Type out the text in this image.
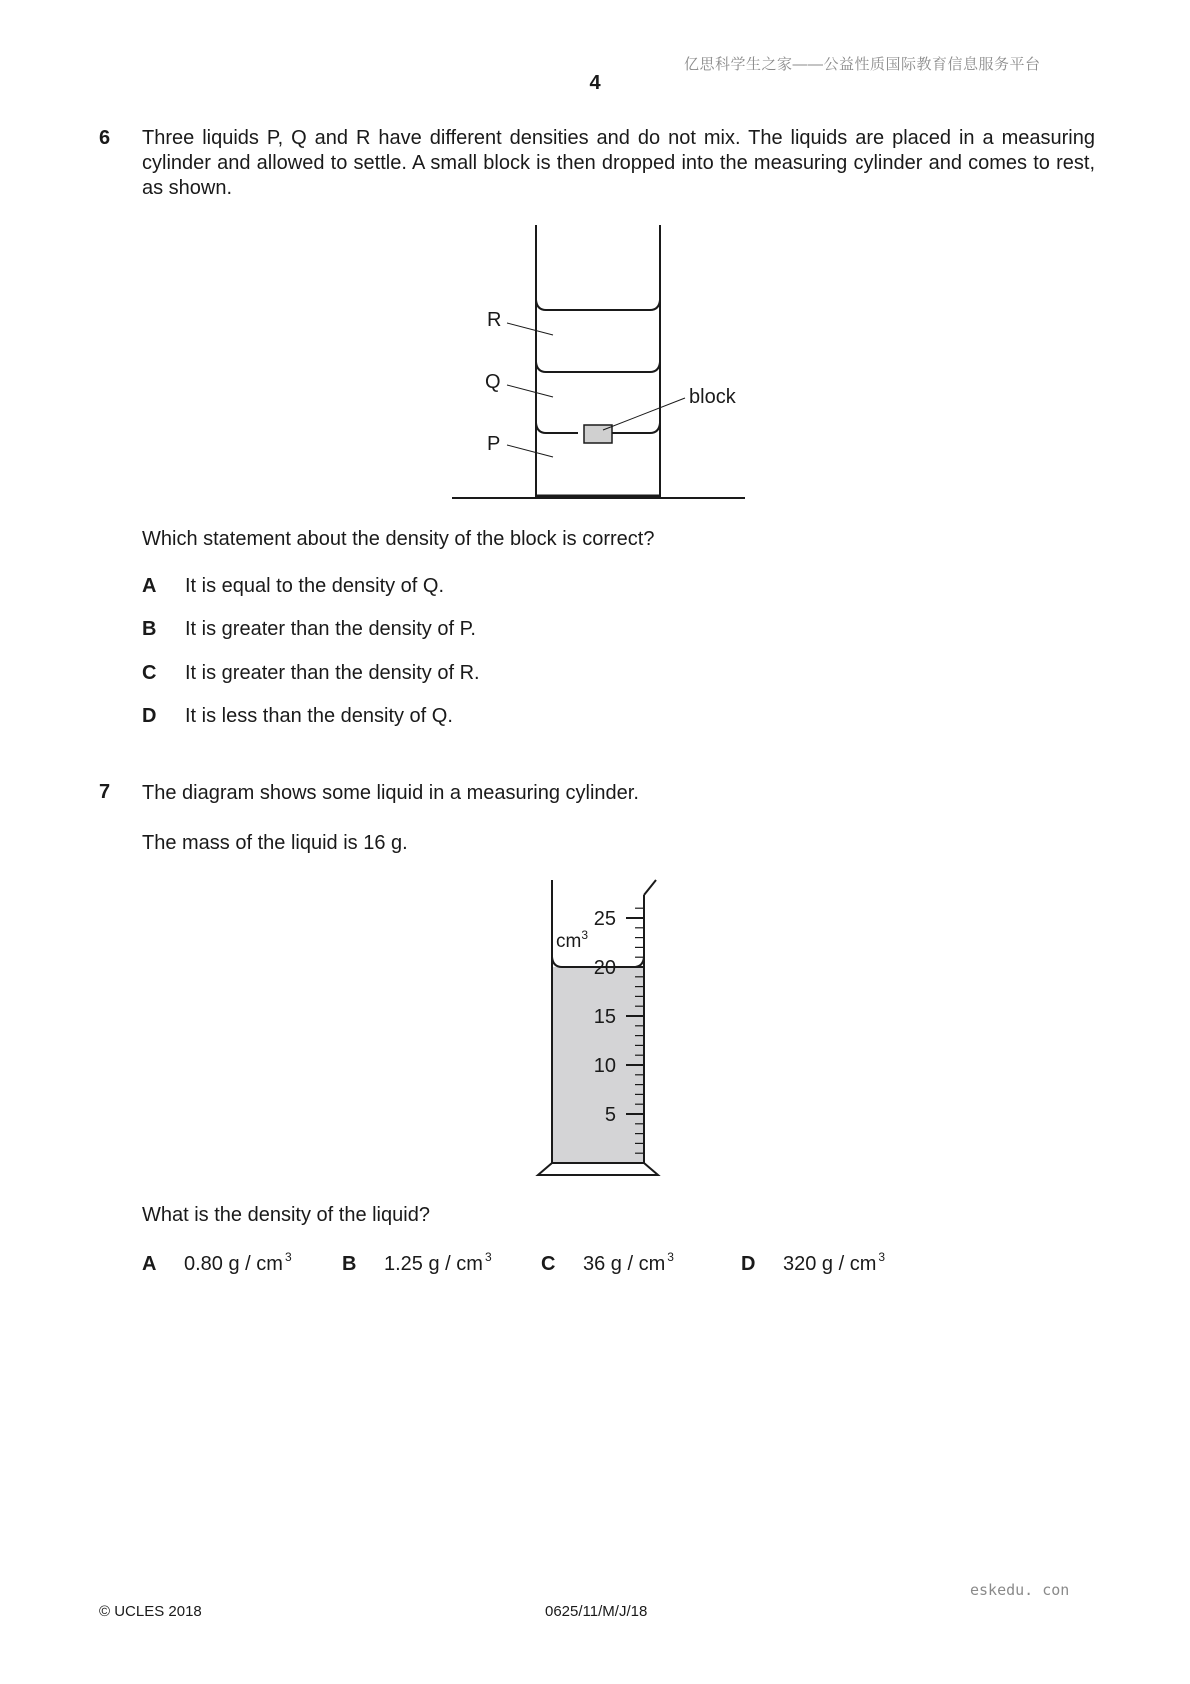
亿思科学生之家——公益性质国际教育信息服务平台
4
6 Three liquids P, Q and R have different densities and do not mix. The liquids are placed in a measuring cylinder and allowed to settle. A small block is then dropped into the measuring cylinder and comes to rest, as shown.
R
Q
P
block
Which statement about the density of the block is correct?
A It is equal to the density of Q.
B It is greater than the density of P.
C It is greater than the density of R.
D It is less than the density of Q.
7 The diagram shows some liquid in a measuring cylinder.
The mass of the liquid is 16 g.
25
20
15
10
5
$cm^3$
What is the density of the liquid?
A 0.80 g / cm $^3$	B 1.25 g / cm $^3$ C 36 g / cm $^3$	D 320 g / cm $^3$
eskedu. con
© UCLES 2018	0625/11/M/J/18
